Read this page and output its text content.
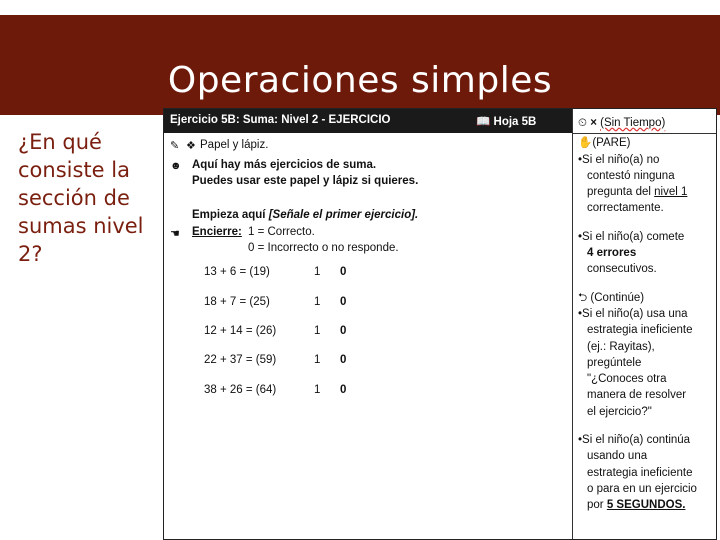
Operaciones simples
¿En qué consiste la sección de sumas nivel 2?
Ejercicio 5B: Suma: Nivel 2 - EJERCICIO	📖 Hoja 5B
✎ ❖ Papel y lápiz.
☻ Aquí hay más ejercicios de suma.
Puedes usar este papel y lápiz si quieres.
Empieza aquí [Señale el primer ejercicio].
☚ Encierre: 1 = Correcto.
0 = Incorrecto o no responde.
13 + 6 = (19)	1 0
18 + 7 = (25)	1 0
12 + 14 = (26)	1 0
22 + 37 = (59)	1 0
38 + 26 = (64)	1 0
⏲ × (Sin Tiempo)
✋(PARE)
•Si el niño(a) no
contestó ninguna
pregunta del nivel 1
correctamente.
•Si el niño(a) comete
4 errores
consecutivos.
⮌ (Continúe)
•Si el niño(a) usa una
estrategia ineficiente
(ej.: Rayitas),
pregúntele
"¿Conoces otra
manera de resolver
el ejercicio?"
•Si el niño(a) continúa
usando una
estrategia ineficiente
o para en un ejercicio
por 5 SEGUNDOS.
